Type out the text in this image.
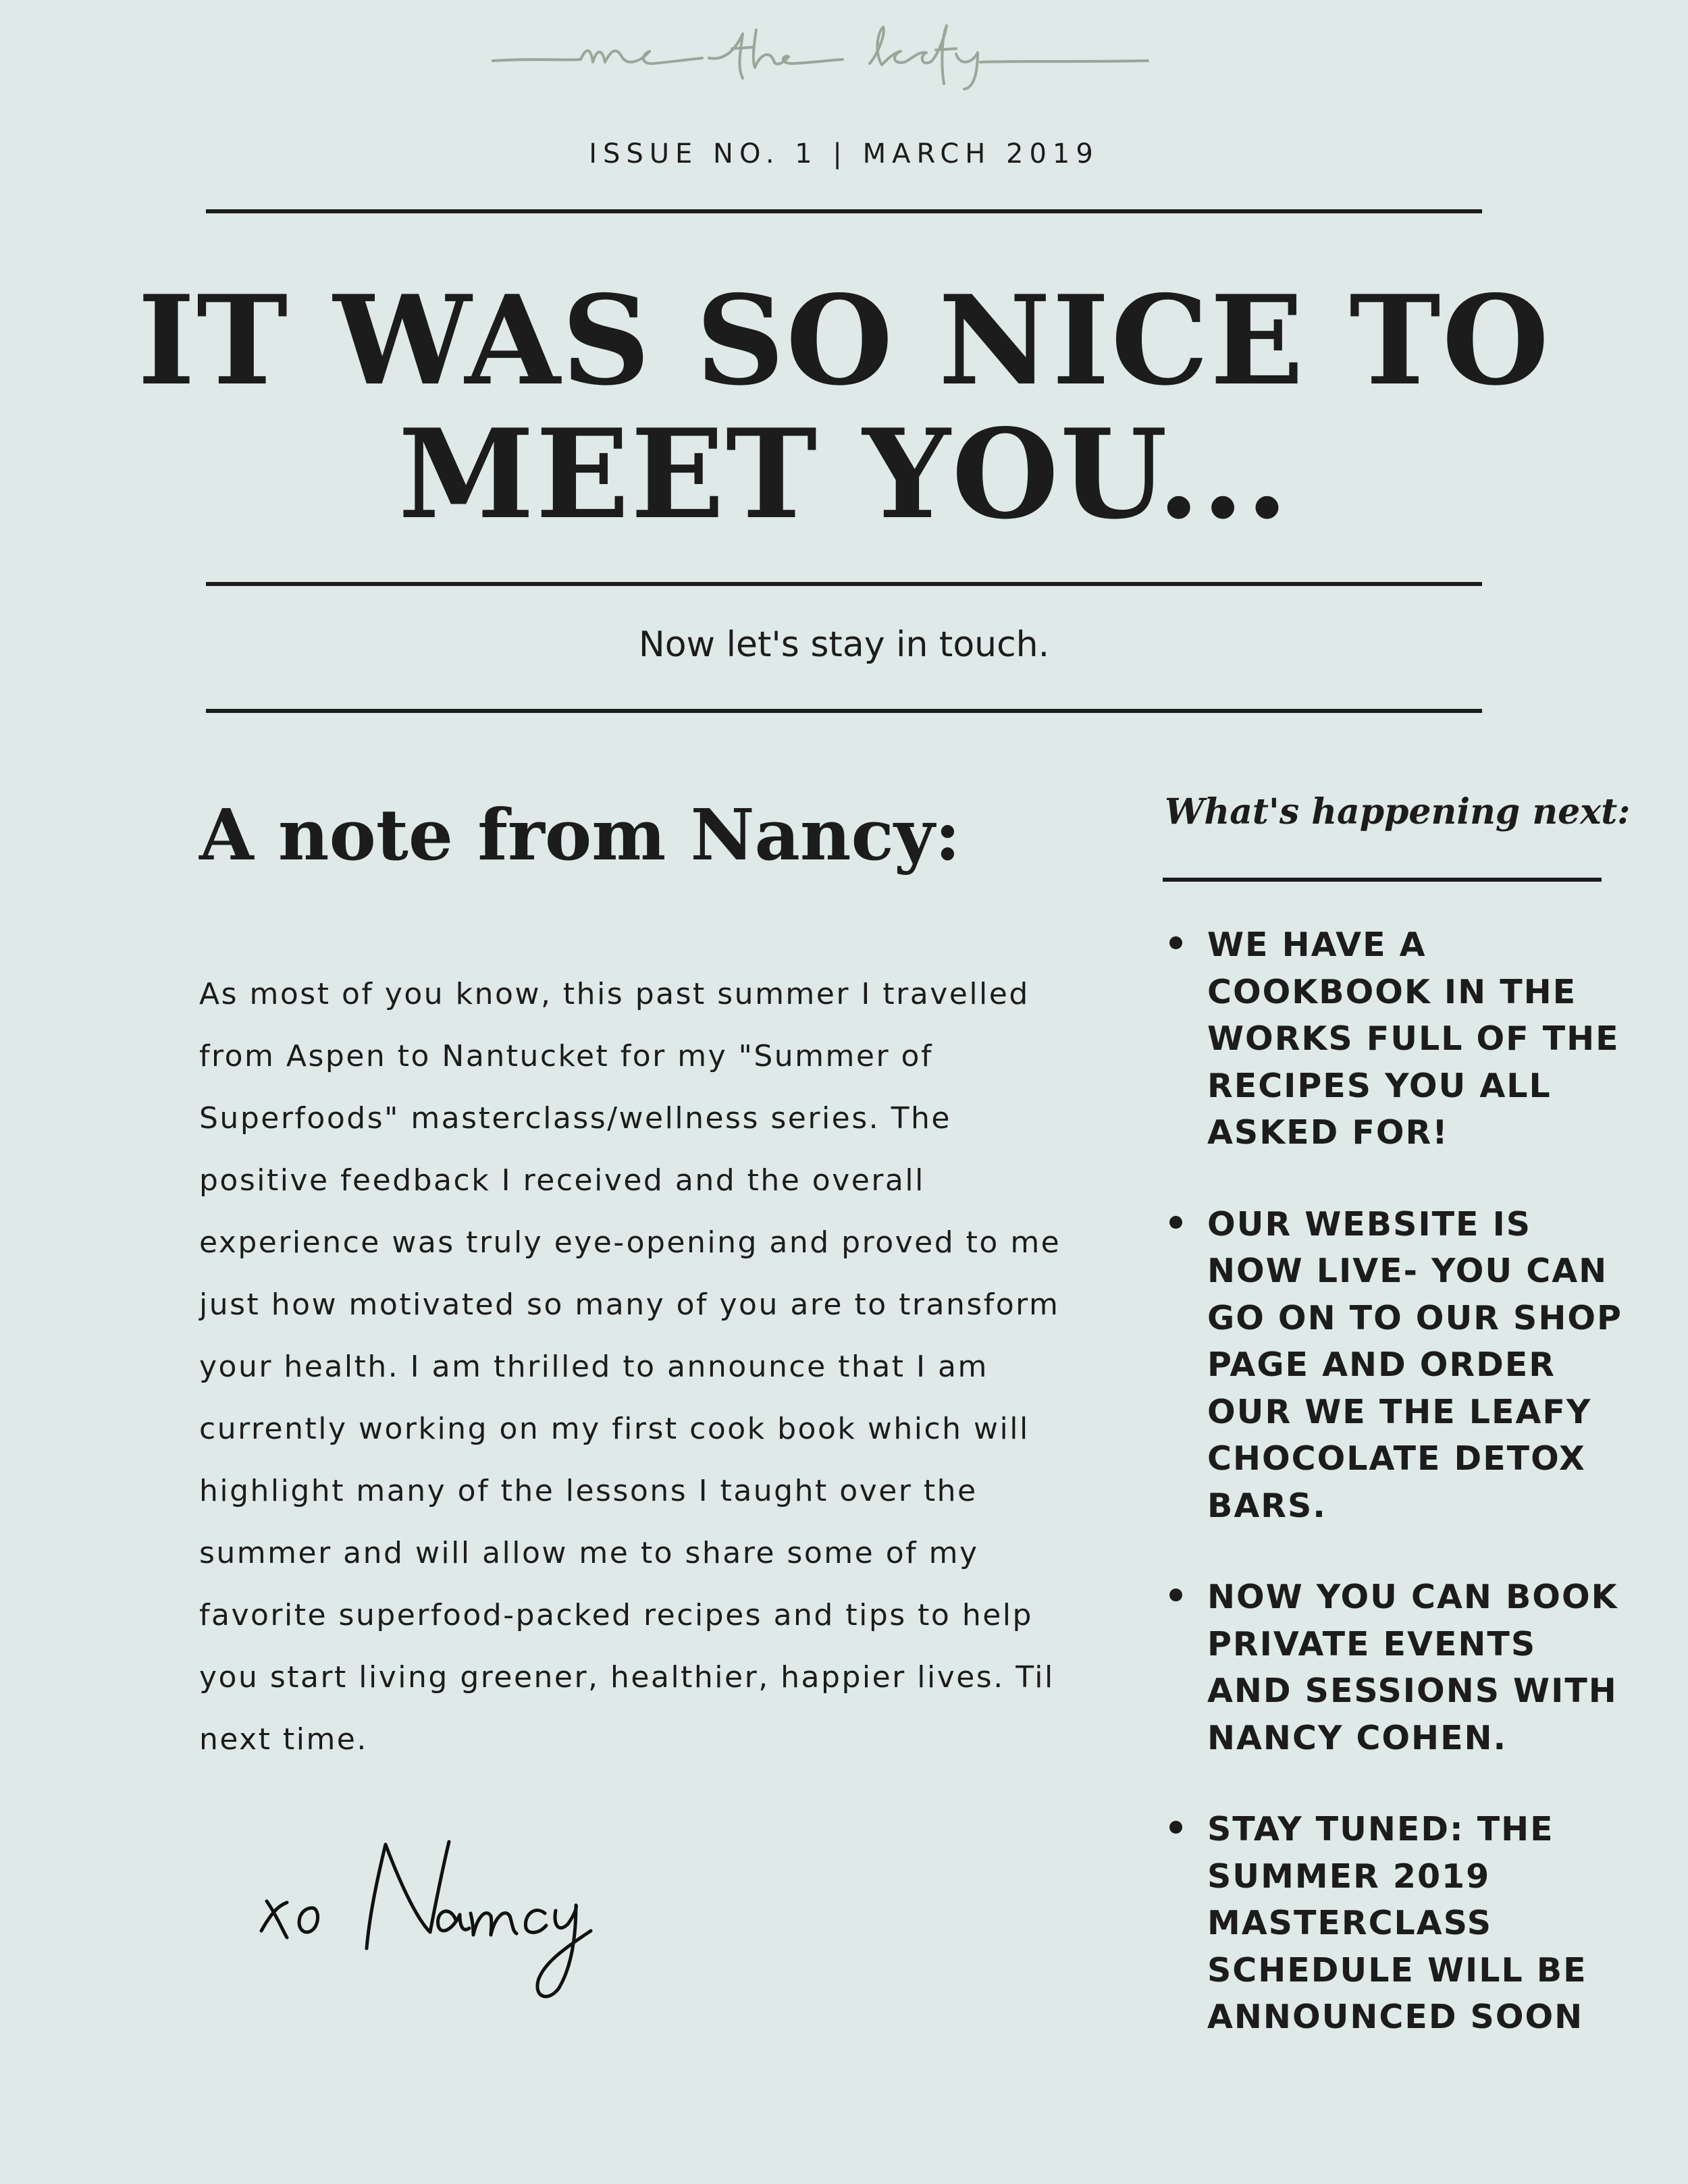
ISSUE NO. 1 | MARCH 2019
IT WAS SO NICE TO
MEET YOU...
Now let's stay in touch.
A note from Nancy:
As most of you know, this past summer I travelled from Aspen to Nantucket for my "Summer of Superfoods" masterclass/wellness series. The positive feedback I received and the overall experience was truly eye-opening and proved to me just how motivated so many of you are to transform your health. I am thrilled to announce that I am currently working on my first cook book which will highlight many of the lessons I taught over the summer and will allow me to share some of my favorite superfood-packed recipes and tips to help you start living greener, healthier, happier lives. Til next time.
What's happening next:
WE HAVE A COOKBOOK IN THE WORKS FULL OF THE RECIPES YOU ALL ASKED FOR!
OUR WEBSITE IS NOW LIVE- YOU CAN GO ON TO OUR SHOP PAGE AND ORDER OUR WE THE LEAFY CHOCOLATE DETOX BARS.
NOW YOU CAN BOOK PRIVATE EVENTS AND SESSIONS WITH NANCY COHEN.
STAY TUNED: THE SUMMER 2019 MASTERCLASS SCHEDULE WILL BE ANNOUNCED SOON
